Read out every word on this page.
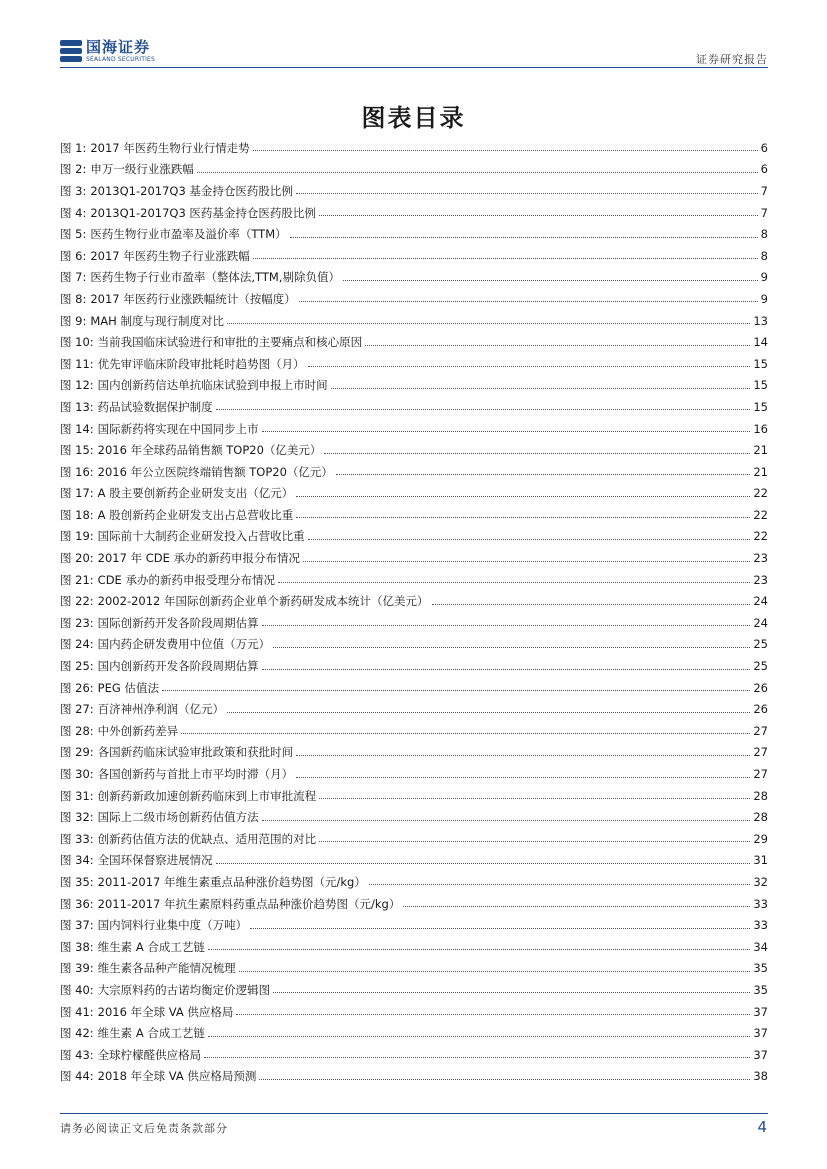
国海证券
SEALAND SECURITIES	证券研究报告
图表目录
图 1: 2017 年医药生物行业行情走势	6
图 2: 申万一级行业涨跌幅	6
图 3: 2013Q1-2017Q3 基金持仓医药股比例	7
图 4: 2013Q1-2017Q3 医药基金持仓医药股比例	7
图 5: 医药生物行业市盈率及溢价率（TTM）	8
图 6: 2017 年医药生物子行业涨跌幅	8
图 7: 医药生物子行业市盈率（整体法,TTM,剔除负值）	9
图 8: 2017 年医药行业涨跌幅统计（按幅度）	9
图 9: MAH 制度与现行制度对比	13
图 10: 当前我国临床试验进行和审批的主要痛点和核心原因	14
图 11: 优先审评临床阶段审批耗时趋势图（月）	15
图 12: 国内创新药信达单抗临床试验到申报上市时间	15
图 13: 药品试验数据保护制度	15
图 14: 国际新药将实现在中国同步上市	16
图 15: 2016 年全球药品销售额 TOP20（亿美元）	21
图 16: 2016 年公立医院终端销售额 TOP20（亿元）	21
图 17: A 股主要创新药企业研发支出（亿元）	22
图 18: A 股创新药企业研发支出占总营收比重	22
图 19: 国际前十大制药企业研发投入占营收比重	22
图 20: 2017 年 CDE 承办的新药申报分布情况	23
图 21: CDE 承办的新药申报受理分布情况	23
图 22: 2002-2012 年国际创新药企业单个新药研发成本统计（亿美元）	24
图 23: 国际创新药开发各阶段周期估算	24
图 24: 国内药企研发费用中位值（万元）	25
图 25: 国内创新药开发各阶段周期估算	25
图 26: PEG 估值法	26
图 27: 百济神州净利润（亿元）	26
图 28: 中外创新药差异	27
图 29: 各国新药临床试验审批政策和获批时间	27
图 30: 各国创新药与首批上市平均时滞（月）	27
图 31: 创新药新政加速创新药临床到上市审批流程	28
图 32: 国际上二级市场创新药估值方法	28
图 33: 创新药估值方法的优缺点、适用范围的对比	29
图 34: 全国环保督察进展情况	31
图 35: 2011-2017 年维生素重点品种涨价趋势图（元/kg）	32
图 36: 2011-2017 年抗生素原料药重点品种涨价趋势图（元/kg）	33
图 37: 国内饲料行业集中度（万吨）	33
图 38: 维生素 A 合成工艺链	34
图 39: 维生素各品种产能情况梳理	35
图 40: 大宗原料药的古诺均衡定价逻辑图	35
图 41: 2016 年全球 VA 供应格局	37
图 42: 维生素 A 合成工艺链	37
图 43: 全球柠檬醛供应格局	37
图 44: 2018 年全球 VA 供应格局预测	38
请务必阅读正文后免责条款部分	4
